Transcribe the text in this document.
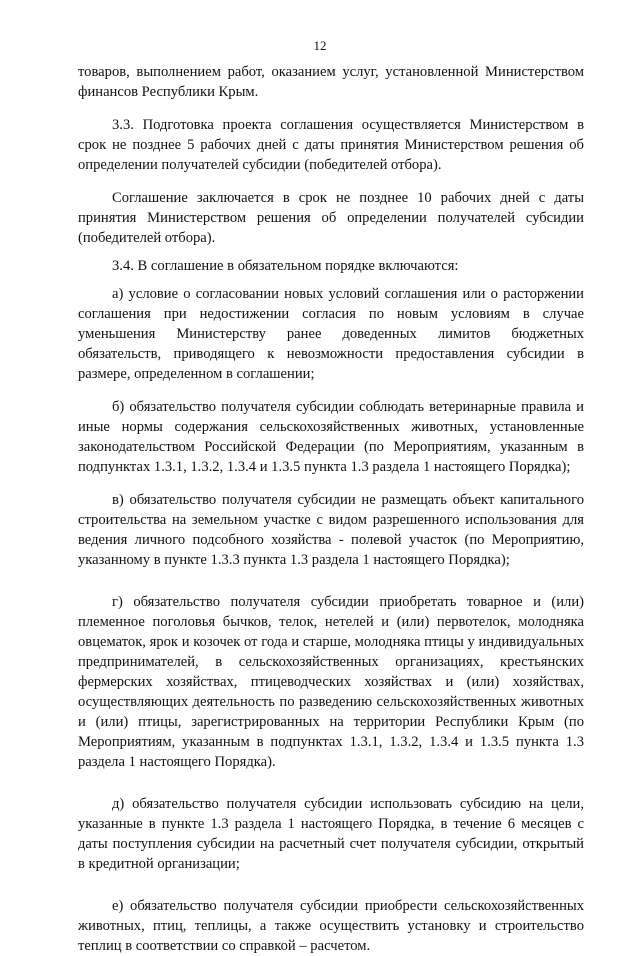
12

товаров, выполнением работ, оказанием услуг, установленной Министерством финансов Республики Крым.

3.3. Подготовка проекта соглашения осуществляется Министерством в срок не позднее 5 рабочих дней с даты принятия Министерством решения об определении получателей субсидии (победителей отбора).

Соглашение заключается в срок не позднее 10 рабочих дней с даты принятия Министерством решения об определении получателей субсидии (победителей отбора).

3.4. В соглашение в обязательном порядке включаются:

а) условие о согласовании новых условий соглашения или о расторжении соглашения при недостижении согласия по новым условиям в случае уменьшения Министерству ранее доведенных лимитов бюджетных обязательств, приводящего к невозможности предоставления субсидии в размере, определенном в соглашении;

б) обязательство получателя субсидии соблюдать ветеринарные правила и иные нормы содержания сельскохозяйственных животных, установленные законодательством Российской Федерации (по Мероприятиям, указанным в подпунктах 1.3.1, 1.3.2, 1.3.4 и 1.3.5 пункта 1.3 раздела 1 настоящего Порядка);

в) обязательство получателя субсидии не размещать объект капитального строительства на земельном участке с видом разрешенного использования для ведения личного подсобного хозяйства - полевой участок (по Мероприятию, указанному в пункте 1.3.3 пункта 1.3 раздела 1 настоящего Порядка);

г) обязательство получателя субсидии приобретать товарное и (или) племенное поголовья бычков, телок, нетелей и (или) первотелок, молодняка овцематок, ярок и козочек от года и старше, молодняка птицы у индивидуальных предпринимателей, в сельскохозяйственных организациях, крестьянских фермерских хозяйствах, птицеводческих хозяйствах и (или) хозяйствах, осуществляющих деятельность по разведению сельскохозяйственных животных и (или) птицы, зарегистрированных на территории Республики Крым (по Мероприятиям, указанным в подпунктах 1.3.1, 1.3.2, 1.3.4 и 1.3.5 пункта 1.3 раздела 1 настоящего Порядка).

д) обязательство получателя субсидии использовать субсидию на цели, указанные в пункте 1.3 раздела 1 настоящего Порядка, в течение 6 месяцев с даты поступления субсидии на расчетный счет получателя субсидии, открытый в кредитной организации;

е) обязательство получателя субсидии приобрести сельскохозяйственных животных, птиц, теплицы, а также осуществить установку и строительство теплиц в соответствии со справкой – расчетом.
